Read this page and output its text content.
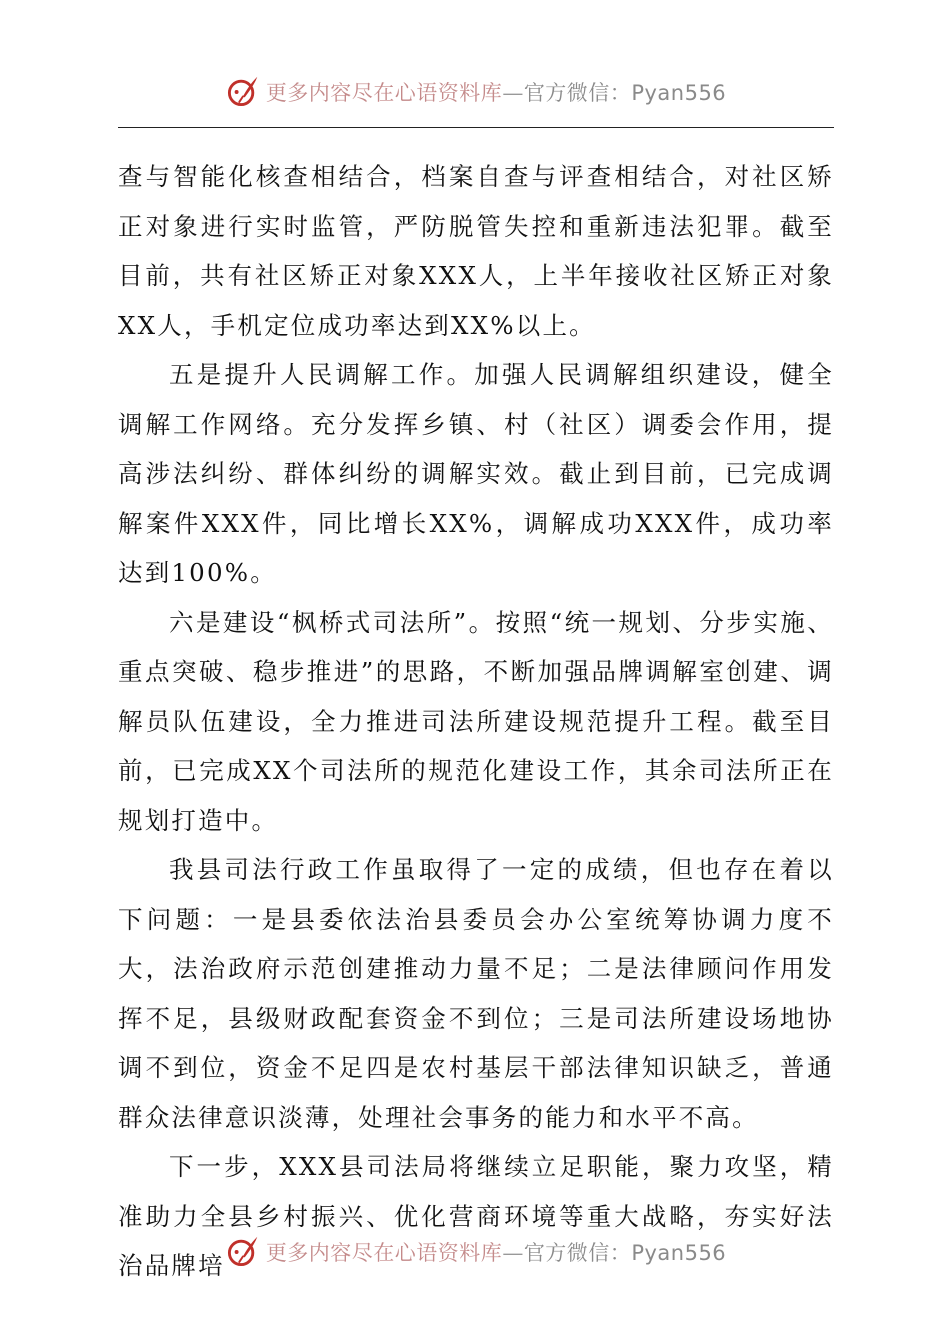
更多内容尽在心语资料库—官方微信：Pyan556

查与智能化核查相结合，档案自查与评查相结合，对社区矫正对象进行实时监管，严防脱管失控和重新违法犯罪。截至目前，共有社区矫正对象XXX人，上半年接收社区矫正对象XX人，手机定位成功率达到XX%以上。

五是提升人民调解工作。加强人民调解组织建设，健全调解工作网络。充分发挥乡镇、村（社区）调委会作用，提高涉法纠纷、群体纠纷的调解实效。截止到目前，已完成调解案件XXX件，同比增长XX%，调解成功XXX件，成功率达到100%。

六是建设“枫桥式司法所”。按照“统一规划、分步实施、重点突破、稳步推进”的思路，不断加强品牌调解室创建、调解员队伍建设，全力推进司法所建设规范提升工程。截至目前，已完成XX个司法所的规范化建设工作，其余司法所正在规划打造中。

我县司法行政工作虽取得了一定的成绩，但也存在着以下问题：一是县委依法治县委员会办公室统筹协调力度不大，法治政府示范创建推动力量不足；二是法律顾问作用发挥不足，县级财政配套资金不到位；三是司法所建设场地协调不到位，资金不足四是农村基层干部法律知识缺乏，普通群众法律意识淡薄，处理社会事务的能力和水平不高。

下一步，XXX县司法局将继续立足职能，聚力攻坚，精准助力全县乡村振兴、优化营商环境等重大战略，夯实好法治品牌培	更多内容尽在心语资料库—官方微信：Pyan556
